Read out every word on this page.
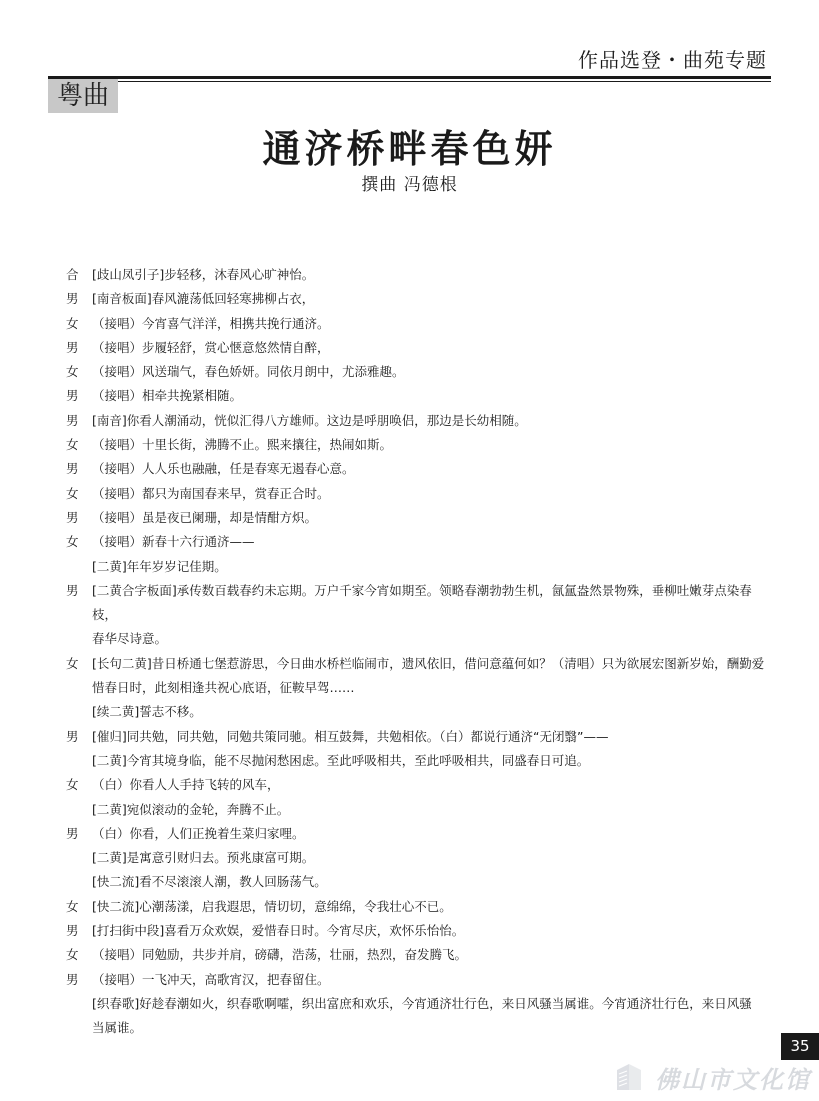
作品选登・曲苑专题
粤曲
通济桥畔春色妍
撰曲 冯德根
合	[歧山凤引子]步轻移，沐春风心旷神怡。
男	[南音板面]春风漉荡低回轻寒拂柳占衣，
女	（接唱）今宵喜气洋洋，相携共挽行通济。
男	（接唱）步履轻舒，赏心惬意悠然情自醉，
女	（接唱）风送瑞气，春色娇妍。同依月朗中，尤添雅趣。
男	（接唱）相牵共挽紧相随。
男	[南音]你看人潮涌动，恍似汇得八方雄师。这边是呼朋唤侣，那边是长幼相随。
女	（接唱）十里长街，沸腾不止。熙来攘往，热闹如斯。
男	（接唱）人人乐也融融，任是春寒无遏春心意。
女	（接唱）都只为南国春来早，赏春正合时。
男	（接唱）虽是夜已阑珊，却是情酣方炽。
女	（接唱）新春十六行通济——
[二黄]年年岁岁记佳期。
男	[二黄合字板面]承传数百载春约未忘期。万户千家今宵如期至。领略春潮勃勃生机，氤氲盎然景物殊，垂柳吐嫩芽点染春枝，
春华尽诗意。
女	[长句二黄]昔日桥通七堡惹游思，今日曲水桥栏临闹市，遗风依旧，借问意蕴何如？（清唱）只为欲展宏图新岁始，酬勤爱
惜春日时，此刻相逢共祝心底语，征鞍早驾……
[续二黄]誓志不移。
男	[催归]同共勉，同共勉，同勉共策同驰。相互鼓舞，共勉相依。（白）都说行通济“无闭翳”——
[二黄]今宵其境身临，能不尽抛闲愁困虑。至此呼吸相共，至此呼吸相共，同盛春日可追。
女	（白）你看人人手持飞转的风车，
[二黄]宛似滚动的金轮，奔腾不止。
男	（白）你看，人们正挽着生菜归家哩。
[二黄]是寓意引财归去。预兆康富可期。
[快二流]看不尽滚滚人潮，教人回肠荡气。
女	[快二流]心潮荡漾，启我遐思，情切切，意绵绵，令我壮心不已。
男	[打扫街中段]喜看万众欢娱，爱惜春日时。今宵尽庆，欢怀乐怡怡。
女	（接唱）同勉励，共步并肩，磅礴，浩荡，壮丽，热烈，奋发腾飞。
男	（接唱）一飞冲天，高歌宵汉，把春留住。
[织春歌]好趁春潮如火，织春歌啊嚯，织出富庶和欢乐，今宵通济壮行色，来日风骚当属谁。今宵通济壮行色，来日风骚
当属谁。
35
佛山市文化馆
